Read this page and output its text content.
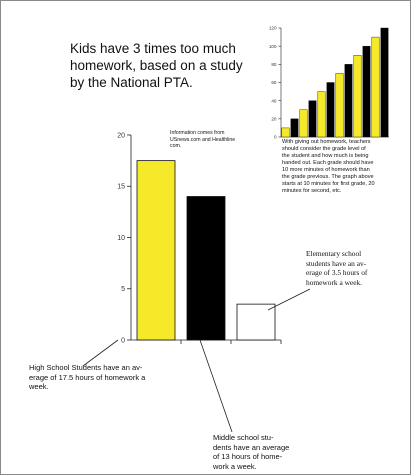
Kids have 3 times too much
homework, based on a study
by the National PTA.
Information comes from
USnews.com and Healthline
com.
With giving out homework, teachers
should consider the grade level of
the student and how much is being
handed out. Each grade should have
10 more minutes of homework than
the grade previous. The graph above
starts at 10 minutes for first grade, 20
minutes for second, etc.
Elementary school
students have an av-
erage of 3.5 hours of
homework a week.
High School Students have an av-
erage of 17.5 hours of homework a
week.
Middle school stu-
dents have an average
of 13 hours of home-
work a week.
0
5
10
15
20	0
20
40
60
80
100
120
